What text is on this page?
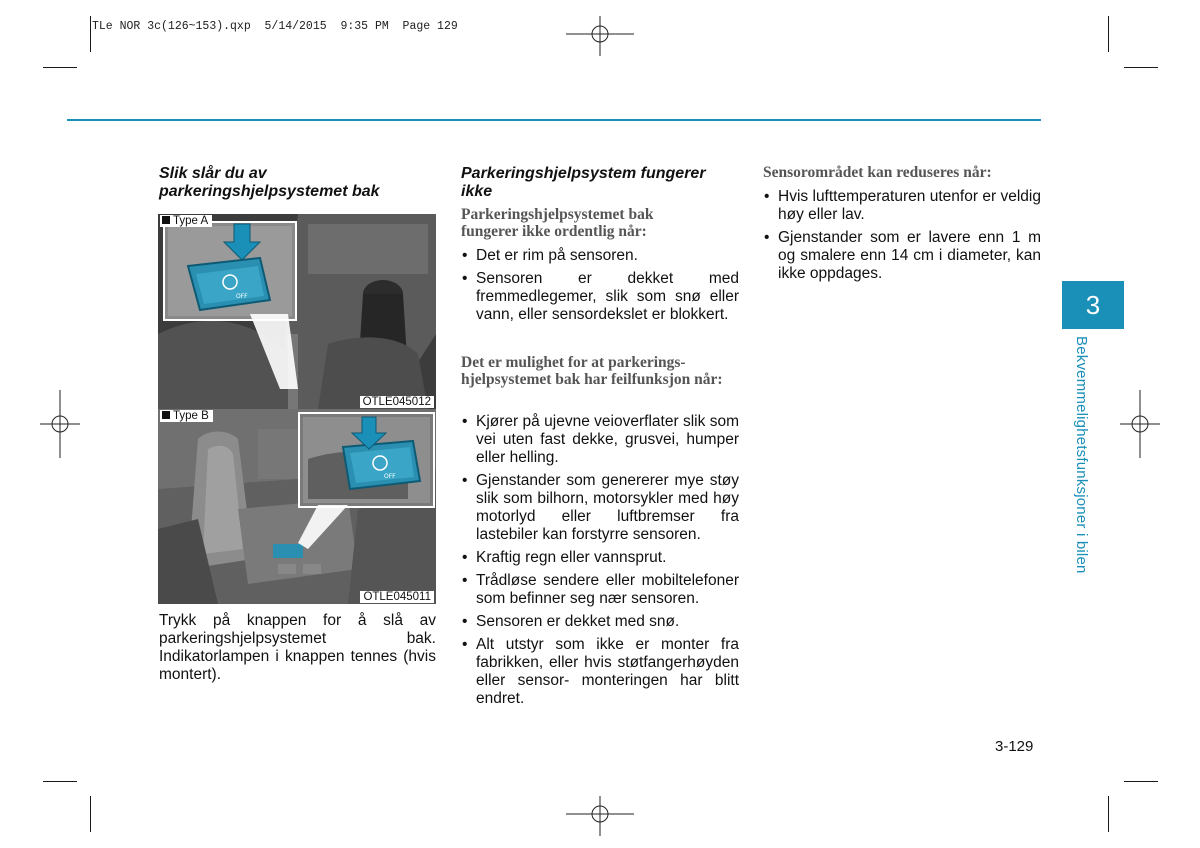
TLe NOR 3c(126~153).qxp  5/14/2015  9:35 PM  Page 129
Slik slår du av parkeringshjelpsystemet bak
OFF
Type A
OTLE045012
OFF
Type B
OTLE045011
Trykk på knappen for å slå av parkeringshjelpsystemet bak. Indikatorlampen i knappen tennes (hvis montert).
Parkeringshjelpsystem fungerer ikke
Parkeringshjelpsystemet bak fungerer ikke ordentlig når:
• Det er rim på sensoren.
• Sensoren er dekket med fremmedlegemer, slik som snø eller vann, eller sensordekslet er blokkert.
Det er mulighet for at parkerings- hjelpsystemet bak har feilfunksjon når:
• Kjører på ujevne veioverflater slik som vei uten fast dekke, grusvei, humper eller helling.
• Gjenstander som genererer mye støy slik som bilhorn, motorsykler med høy motorlyd eller luftbremser fra lastebiler kan forstyrre sensoren.
• Kraftig regn eller vannsprut.
• Trådløse sendere eller mobiltelefoner som befinner seg nær sensoren.
• Sensoren er dekket med snø.
• Alt utstyr som ikke er monter fra fabrikken, eller hvis støtfangerhøyden eller sensor- monteringen har blitt endret.
Sensorområdet kan reduseres når:
• Hvis lufttemperaturen utenfor er veldig høy eller lav.
• Gjenstander som er lavere enn 1 m og smalere enn 14 cm i diameter, kan ikke oppdages.
3
Bekvemmelighetsfunksjoner i bilen
3-129
